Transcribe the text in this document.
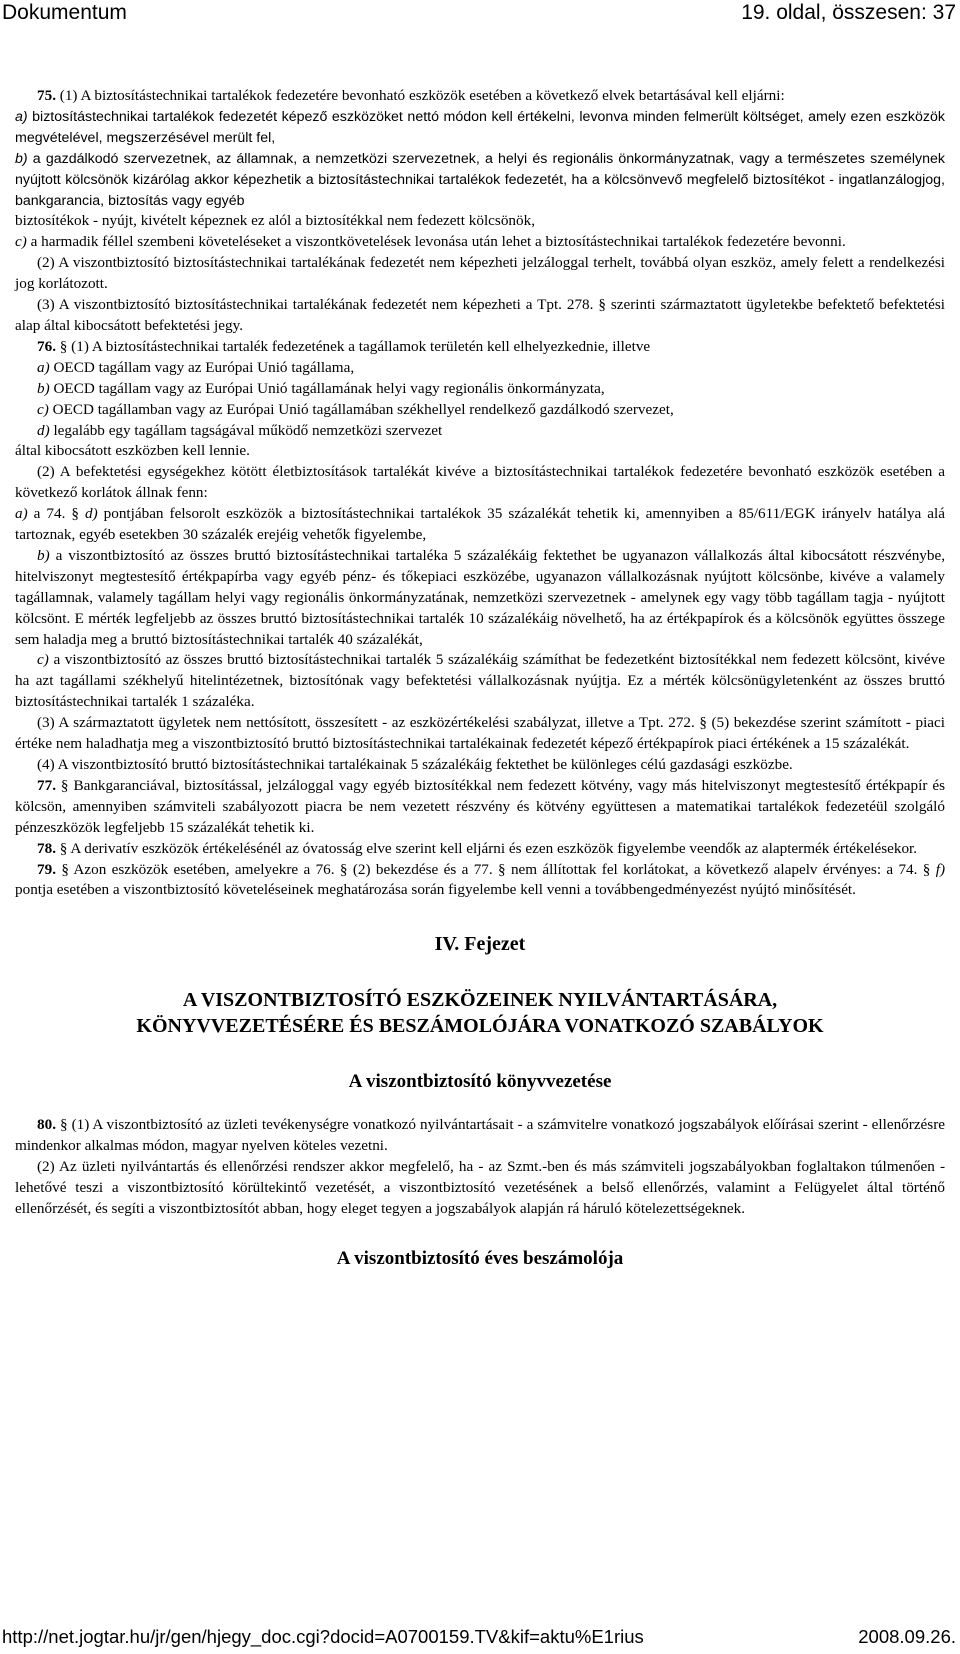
Dokumentum	19. oldal, összesen: 37

75. (1) A biztosítástechnikai tartalékok fedezetére bevonható eszközök esetében a következő elvek betartásával kell eljárni:

a) biztosítástechnikai tartalékok fedezetét képező eszközöket nettó módon kell értékelni, levonva minden felmerült költséget, amely ezen eszközök megvételével, megszerzésével merült fel,

b) a gazdálkodó szervezetnek, az államnak, a nemzetközi szervezetnek, a helyi és regionális önkormányzatnak, vagy a természetes személynek nyújtott kölcsönök kizárólag akkor képezhetik a biztosítástechnikai tartalékok fedezetét, ha a kölcsönvevő megfelelő biztosítékot - ingatlanzálogjog, bankgarancia, biztosítás vagy egyéb

biztosítékok - nyújt, kivételt képeznek ez alól a biztosítékkal nem fedezett kölcsönök,

c) a harmadik féllel szembeni követeléseket a viszontkövetelések levonása után lehet a biztosítástechnikai tartalékok fedezetére bevonni.

(2) A viszontbiztosító biztosítástechnikai tartalékának fedezetét nem képezheti jelzáloggal terhelt, továbbá olyan eszköz, amely felett a rendelkezési jog korlátozott.

(3) A viszontbiztosító biztosítástechnikai tartalékának fedezetét nem képezheti a Tpt. 278. § szerinti származtatott ügyletekbe befektető befektetési alap által kibocsátott befektetési jegy.

76. § (1) A biztosítástechnikai tartalék fedezetének a tagállamok területén kell elhelyezkednie, illetve

a) OECD tagállam vagy az Európai Unió tagállama,

b) OECD tagállam vagy az Európai Unió tagállamának helyi vagy regionális önkormányzata,

c) OECD tagállamban vagy az Európai Unió tagállamában székhellyel rendelkező gazdálkodó szervezet,

d) legalább egy tagállam tagságával működő nemzetközi szervezet

által kibocsátott eszközben kell lennie.

(2) A befektetési egységekhez kötött életbiztosítások tartalékát kivéve a biztosítástechnikai tartalékok fedezetére bevonható eszközök esetében a következő korlátok állnak fenn:

a) a 74. § d) pontjában felsorolt eszközök a biztosítástechnikai tartalékok 35 százalékát tehetik ki, amennyiben a 85/611/EGK irányelv hatálya alá tartoznak, egyéb esetekben 30 százalék erejéig vehetők figyelembe,

b) a viszontbiztosító az összes bruttó biztosítástechnikai tartaléka 5 százalékáig fektethet be ugyanazon vállalkozás által kibocsátott részvénybe, hitelviszonyt megtestesítő értékpapírba vagy egyéb pénz- és tőkepiaci eszközébe, ugyanazon vállalkozásnak nyújtott kölcsönbe, kivéve a valamely tagállamnak, valamely tagállam helyi vagy regionális önkormányzatának, nemzetközi szervezetnek - amelynek egy vagy több tagállam tagja - nyújtott kölcsönt. E mérték legfeljebb az összes bruttó biztosítástechnikai tartalék 10 százalékáig növelhető, ha az értékpapírok és a kölcsönök együttes összege sem haladja meg a bruttó biztosítástechnikai tartalék 40 százalékát,

c) a viszontbiztosító az összes bruttó biztosítástechnikai tartalék 5 százalékáig számíthat be fedezetként biztosítékkal nem fedezett kölcsönt, kivéve ha azt tagállami székhelyű hitelintézetnek, biztosítónak vagy befektetési vállalkozásnak nyújtja. Ez a mérték kölcsönügyletenként az összes bruttó biztosítástechnikai tartalék 1 százaléka.

(3) A származtatott ügyletek nem nettósított, összesített - az eszközértékelési szabályzat, illetve a Tpt. 272. § (5) bekezdése szerint számított - piaci értéke nem haladhatja meg a viszontbiztosító bruttó biztosítástechnikai tartalékainak fedezetét képező értékpapírok piaci értékének a 15 százalékát.

(4) A viszontbiztosító bruttó biztosítástechnikai tartalékainak 5 százalékáig fektethet be különleges célú gazdasági eszközbe.

77. § Bankgaranciával, biztosítással, jelzáloggal vagy egyéb biztosítékkal nem fedezett kötvény, vagy más hitelviszonyt megtestesítő értékpapír és kölcsön, amennyiben számviteli szabályozott piacra be nem vezetett részvény és kötvény együttesen a matematikai tartalékok fedezetéül szolgáló pénzeszközök legfeljebb 15 százalékát tehetik ki.

78. § A derivatív eszközök értékelésénél az óvatosság elve szerint kell eljárni és ezen eszközök figyelembe veendők az alaptermék értékelésekor.

79. § Azon eszközök esetében, amelyekre a 76. § (2) bekezdése és a 77. § nem állítottak fel korlátokat, a következő alapelv érvényes: a 74. § f) pontja esetében a viszontbiztosító követeléseinek meghatározása során figyelembe kell venni a továbbengedményezést nyújtó minősítését.

IV. Fejezet
A VISZONTBIZTOSÍTÓ ESZKÖZEINEK NYILVÁNTARTÁSÁRA,
KÖNYVVEZETÉSÉRE ÉS BESZÁMOLÓJÁRA VONATKOZÓ SZABÁLYOK
A viszontbiztosító könyvvezetése

80. § (1) A viszontbiztosító az üzleti tevékenységre vonatkozó nyilvántartásait - a számvitelre vonatkozó jogszabályok előírásai szerint - ellenőrzésre mindenkor alkalmas módon, magyar nyelven köteles vezetni.

(2) Az üzleti nyilvántartás és ellenőrzési rendszer akkor megfelelő, ha - az Szmt.-ben és más számviteli jogszabályokban foglaltakon túlmenően - lehetővé teszi a viszontbiztosító körültekintő vezetését, a viszontbiztosító vezetésének a belső ellenőrzés, valamint a Felügyelet által történő ellenőrzését, és segíti a viszontbiztosítót abban, hogy eleget tegyen a jogszabályok alapján rá háruló kötelezettségeknek.

A viszontbiztosító éves beszámolója
http://net.jogtar.hu/jr/gen/hjegy_doc.cgi?docid=A0700159.TV&kif=aktu%E1rius	2008.09.26.
